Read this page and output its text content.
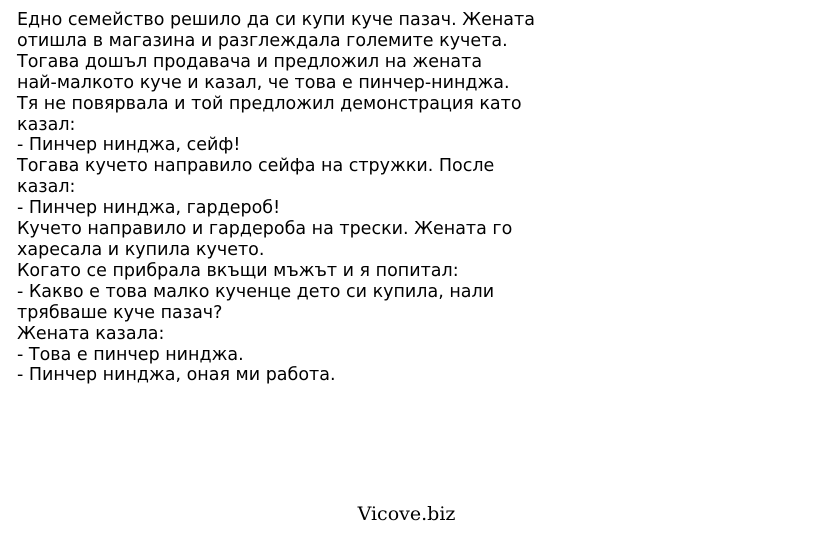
Едно семейство решило да си купи куче пазач. Жената
отишла в магазина и разглеждала големите кучета.
Тогава дошъл продавача и предложил на жената
най-малкото куче и казал, че това е пинчер-нинджа.
Тя не повярвала и той предложил демонстрация като
казал:
- Пинчер нинджа, сейф!
Тогава кучето направило сейфа на стружки. После
казал:
- Пинчер нинджа, гардероб!
Кучето направило и гардероба на трески. Жената го
харесала и купила кучето.
Когато се прибрала вкъщи мъжът и я попитал:
- Какво е това малко кученце дето си купила, нали
трябваше куче пазач?
Жената казала:
- Това е пинчер нинджа.
- Пинчер нинджа, оная ми работа.
Vicove.biz
